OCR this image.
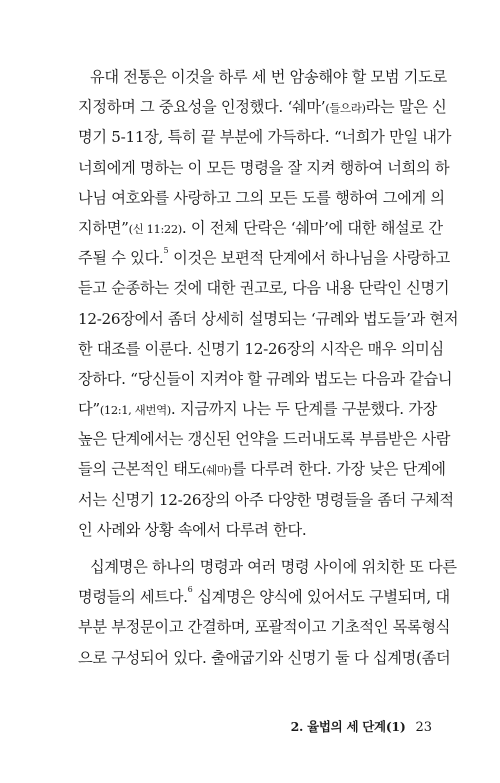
유대 전통은 이것을 하루 세 번 암송해야 할 모범 기도로
지정하며 그 중요성을 인정했다. ‘쉐마’(들으라)라는 말은 신
명기 5-11장, 특히 끝 부분에 가득하다. “너희가 만일 내가
너희에게 명하는 이 모든 명령을 잘 지켜 행하여 너희의 하
나님 여호와를 사랑하고 그의 모든 도를 행하여 그에게 의
지하면”(신 11:22). 이 전체 단락은 ‘쉐마’에 대한 해설로 간
주될 수 있다.$^5$ 이것은 보편적 단계에서 하나님을 사랑하고
듣고 순종하는 것에 대한 권고로, 다음 내용 단락인 신명기
12-26장에서 좀더 상세히 설명되는 ‘규례와 법도들’과 현저
한 대조를 이룬다. 신명기 12-26장의 시작은 매우 의미심
장하다. “당신들이 지켜야 할 규례와 법도는 다음과 같습니
다”(12:1, 새번역). 지금까지 나는 두 단계를 구분했다. 가장
높은 단계에서는 갱신된 언약을 드러내도록 부름받은 사람
들의 근본적인 태도(쉐마)를 다루려 한다. 가장 낮은 단계에
서는 신명기 12-26장의 아주 다양한 명령들을 좀더 구체적
인 사례와 상황 속에서 다루려 한다.
십계명은 하나의 명령과 여러 명령 사이에 위치한 또 다른
명령들의 세트다.$^6$ 십계명은 양식에 있어서도 구별되며, 대
부분 부정문이고 간결하며, 포괄적이고 기초적인 목록형식
으로 구성되어 있다. 출애굽기와 신명기 둘 다 십계명(좀더
2. 율법의 세 단계(1) 23
